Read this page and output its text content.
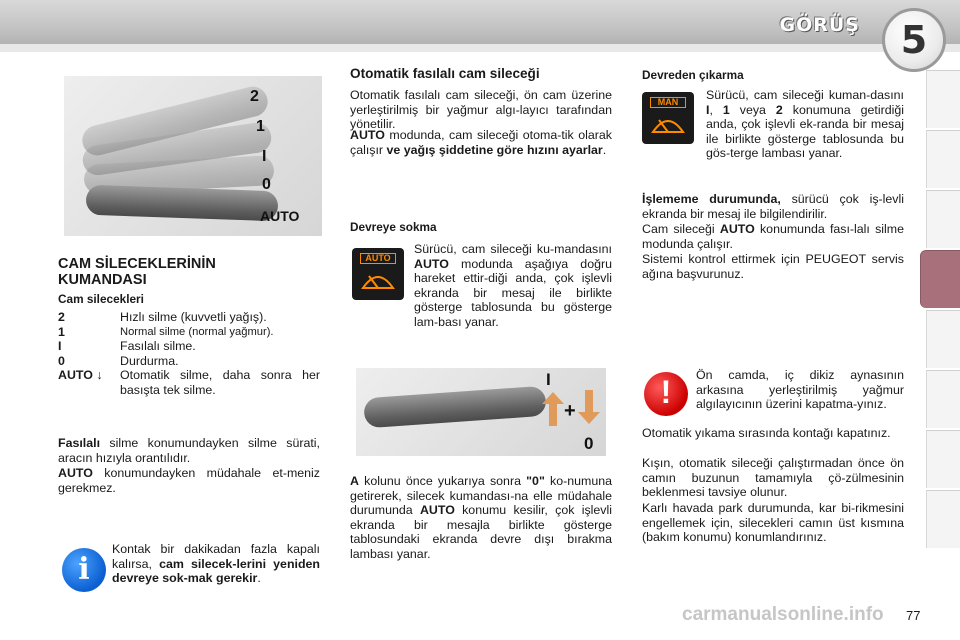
GÖRÜŞ 5
2
1
I
0
AUTO
CAM SİLECEKLERİNİN KUMANDASI
Cam silecekleri
2	Hızlı silme (kuvvetli yağış).
1	Normal silme (normal yağmur).
I	Fasılalı silme.
0	Durdurma.
AUTO ↓	Otomatik silme, daha sonra her basışta tek silme.
Fasılalı silme konumundayken silme sürati, aracın hızıyla orantılıdır.
AUTO konumundayken müdahale et-meniz gerekmez.
i
Kontak bir dakikadan fazla kapalı kalırsa, cam silecek-lerini yeniden devreye sok-mak gerekir.
Otomatik fasılalı cam sileceği
Otomatik fasılalı cam sileceği, ön cam üzerine yerleştirilmiş bir yağmur algı-layıcı tarafından yönetilir.
AUTO modunda, cam sileceği otoma-tik olarak çalışır ve yağış şiddetine göre hızını ayarlar.
Devreye sokma
AUTO
Sürücü, cam sileceği ku-mandasını AUTO modunda aşağıya doğru hareket ettir-diği anda, çok işlevli ekranda bir mesaj ile birlikte gösterge tablosunda bu gösterge lam-bası yanar.
I
+
0
A kolunu önce yukarıya sonra "0" ko-numuna getirerek, silecek kumandası-na elle müdahale durumunda AUTO konumu kesilir, çok işlevli ekranda bir mesajla birlikte gösterge tablosundaki ekranda devre dışı bırakma lambası yanar.
Devreden çıkarma
MAN	Sürücü, cam sileceği kuman-dasını I, 1 veya 2 konumuna getirdiği anda, çok işlevli ek-randa bir mesaj ile birlikte gösterge tablosunda bu gös-terge lambası yanar.
İşlememe durumunda, sürücü çok iş-levli ekranda bir mesaj ile bilgilendirilir.
Cam sileceği AUTO konumunda fası-lalı silme modunda çalışır.
Sistemi kontrol ettirmek için PEUGEOT servis ağına başvurunuz.
!	Ön camda, iç dikiz aynasının arkasına yerleştirilmiş yağmur algılayıcının üzerini kapatma-yınız.
Otomatik yıkama sırasında kontağı kapatınız.
Kışın, otomatik sileceği çalıştırmadan önce ön camın buzunun tamamıyla çö-zülmesinin beklenmesi tavsiye olunur.
Karlı havada park durumunda, kar bi-rikmesini engellemek için, silecekleri camın üst kısmına (bakım konumu) konumlandırınız.
carmanualsonline.info 77
